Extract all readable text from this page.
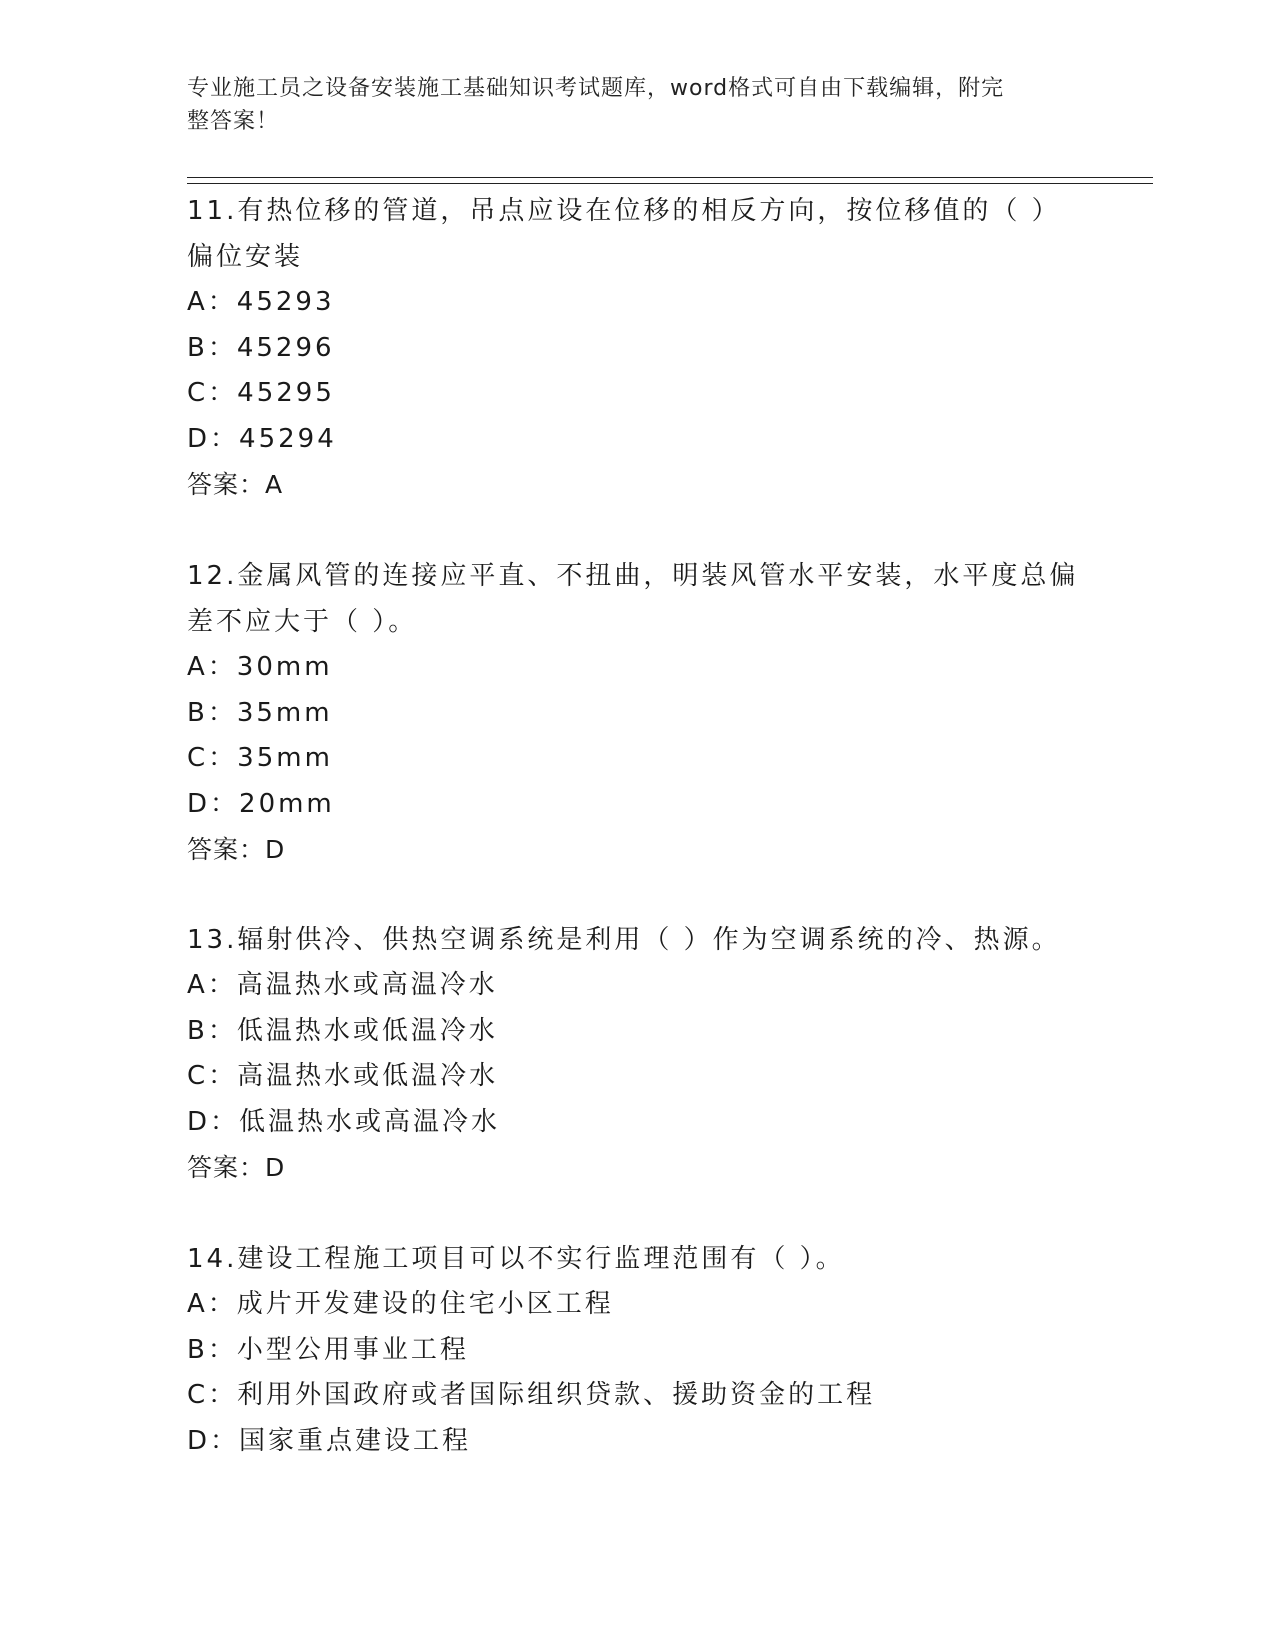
专业施工员之设备安装施工基础知识考试题库，word格式可自由下载编辑，附完
整答案！
11.有热位移的管道，吊点应设在位移的相反方向，按位移值的（ ）偏位安装
A：45293
B：45296
C：45295
D：45294
答案：A
12.金属风管的连接应平直、不扭曲，明装风管水平安装，水平度总偏差不应大于（ ）。
A：30mm
B：35mm
C：35mm
D：20mm
答案：D
13.辐射供冷、供热空调系统是利用（ ）作为空调系统的冷、热源。
A：高温热水或高温冷水
B：低温热水或低温冷水
C：高温热水或低温冷水
D：低温热水或高温冷水
答案：D
14.建设工程施工项目可以不实行监理范围有（ ）。
A：成片开发建设的住宅小区工程
B：小型公用事业工程
C：利用外国政府或者国际组织贷款、援助资金的工程
D：国家重点建设工程
